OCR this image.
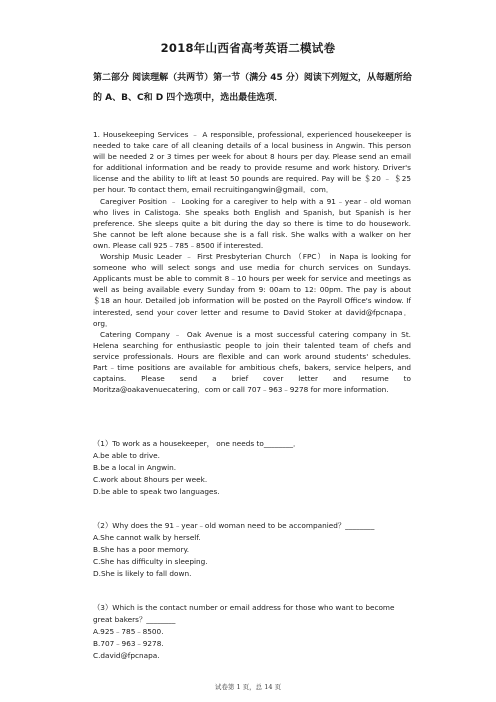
2018年山西省高考英语二模试卷
第二部分 阅读理解（共两节）第一节（满分 45 分）阅读下列短文，从每题所给的 A、B、C和 D 四个选项中，选出最佳选项．

1. Housekeeping Services ﹣ A responsible, professional, experienced housekeeper is needed to take care of all cleaning details of a local business in Angwin. This person will be needed 2 or 3 times per week for about 8 hours per day. Please send an email for additional information and be ready to provide resume and work history. Driver's license and the ability to lift at least 50 pounds are required. Pay will be ＄20 ﹣ ＄25 per hour. To contact them, email recruitingangwin@gmail．com．

Caregiver Position ﹣ Looking for a caregiver to help with a 91﹣year﹣old woman who lives in Calistoga. She speaks both English and Spanish, but Spanish is her preference. She sleeps quite a bit during the day so there is time to do housework. She cannot be left alone because she is a fall risk. She walks with a walker on her own. Please call 925﹣785﹣8500 if interested.

Worship Music Leader ﹣ First Presbyterian Church （FPC） in Napa is looking for someone who will select songs and use media for church services on Sundays. Applicants must be able to commit 8﹣10 hours per week for service and meetings as well as being available every Sunday from 9: 00am to 12: 00pm. The pay is about ＄18 an hour. Detailed job information will be posted on the Payroll Office's window. If interested, send your cover letter and resume to David Stoker at david@fpcnapa．org．

Catering Company ﹣ Oak Avenue is a most successful catering company in St. Helena searching for enthusiastic people to join their talented team of chefs and service professionals. Hours are flexible and can work around students' schedules. Part﹣time positions are available for ambitious chefs, bakers, service helpers, and captains. Please send a brief cover letter and resume to Moritza@oakavenuecatering．com or call 707﹣963﹣9278 for more information.

（1）To work as a housekeeper， one needs to________．

A.be able to drive.

B.be a local in Angwin.

C.work about 8hours per week.

D.be able to speak two languages.

（2）Why does the 91﹣year﹣old woman need to be accompanied？________

A.She cannot walk by herself.

B.She has a poor memory.

C.She has difficulty in sleeping.

D.She is likely to fall down.

（3）Which is the contact number or email address for those who want to become great bakers？________

A.925﹣785﹣8500.

B.707﹣963﹣9278.

C.david@fpcnapa.

试卷第 1 页，总 14 页
